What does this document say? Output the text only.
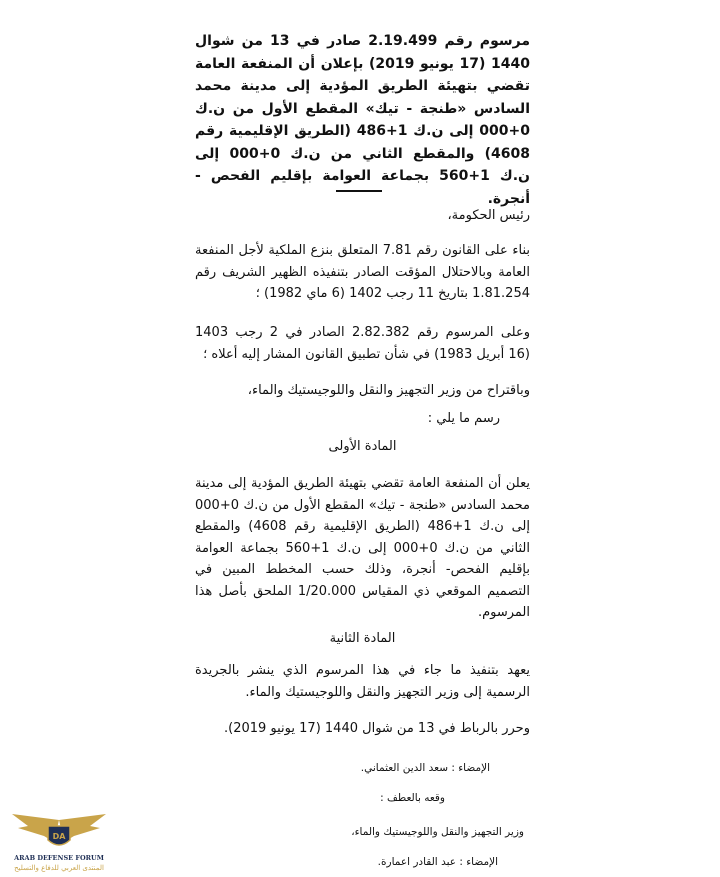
مرسوم رقم 2.19.499 صادر في 13 من شوال 1440 (17 يونيو 2019) بإعلان أن المنفعة العامة تقضي بتهيئة الطريق المؤدية إلى مدينة محمد السادس «طنجة - تيك» المقطع الأول من ن.ك 0+000 إلى ن.ك 1+486 (الطريق الإقليمية رقم 4608) والمقطع الثاني من ن.ك 0+000 إلى ن.ك 1+560 بجماعة العوامة بإقليم الفحص - أنجرة.
رئيس الحكومة،
بناء على القانون رقم 7.81 المتعلق بنزع الملكية لأجل المنفعة العامة وبالاحتلال المؤقت الصادر بتنفيذه الظهير الشريف رقم 1.81.254 بتاريخ 11 رجب 1402 (6 ماي 1982) ؛
وعلى المرسوم رقم 2.82.382 الصادر في 2 رجب 1403 (16 أبريل 1983) في شأن تطبيق القانون المشار إليه أعلاه ؛
وباقتراح من وزير التجهيز والنقل واللوجيستيك والماء،
رسم ما يلي :
المادة الأولى
يعلن أن المنفعة العامة تقضي بتهيئة الطريق المؤدية إلى مدينة محمد السادس «طنجة - تيك» المقطع الأول من ن.ك 0+000 إلى ن.ك 1+486 (الطريق الإقليمية رقم 4608) والمقطع الثاني من ن.ك 0+000 إلى ن.ك 1+560 بجماعة العوامة بإقليم الفحص- أنجرة، وذلك حسب المخطط المبين في التصميم الموقعي ذي المقياس 1/20.000 الملحق بأصل هذا المرسوم.
المادة الثانية
يعهد بتنفيذ ما جاء في هذا المرسوم الذي ينشر بالجريدة الرسمية إلى وزير التجهيز والنقل واللوجيستيك والماء.
وحرر بالرباط في 13 من شوال 1440 (17 يونيو 2019).
الإمضاء : سعد الدين العثماني.
وقعه بالعطف :
وزير التجهيز والنقل واللوجيستيك والماء،
الإمضاء : عبد القادر اعمارة.
DA
ARAB DEFENSE FORUM
المنتدى العربي للدفاع والتسليح
